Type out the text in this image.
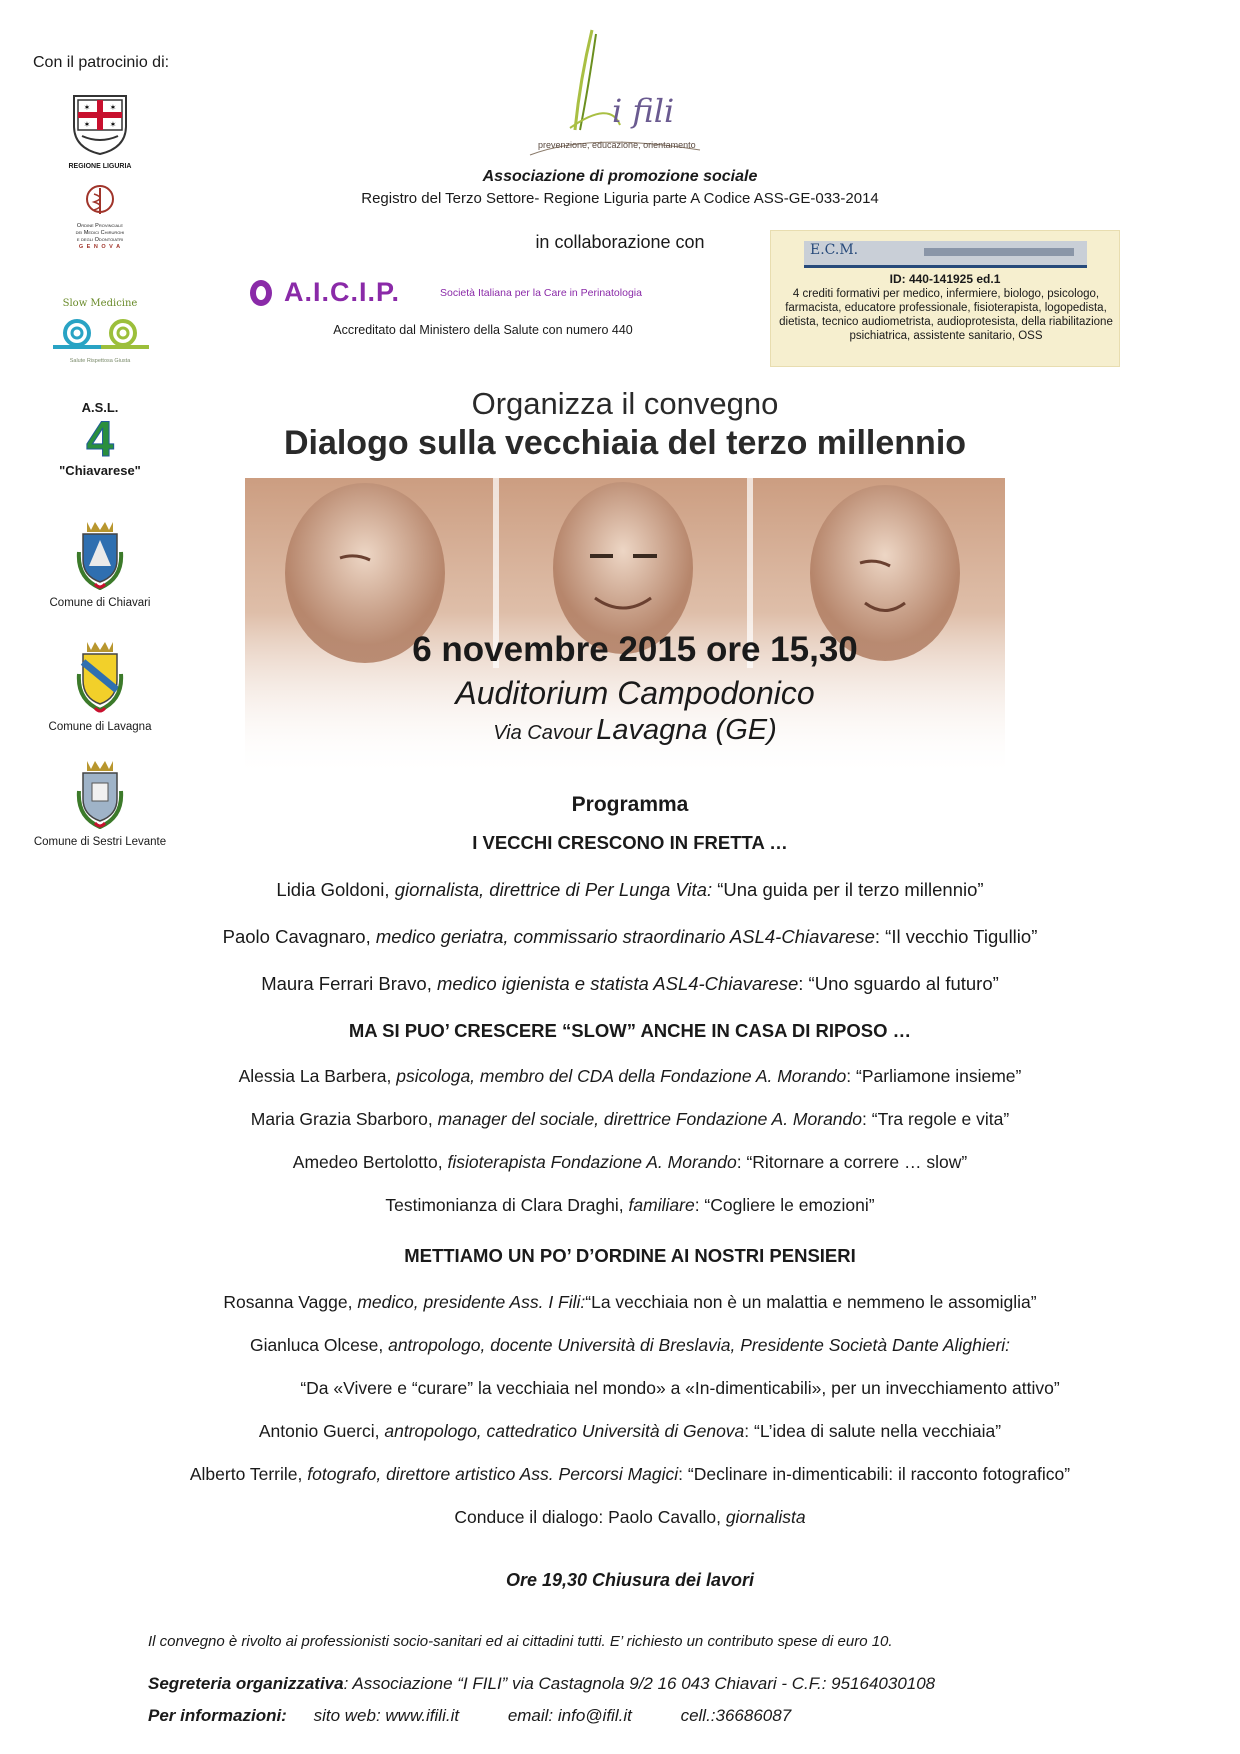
Con il patrocinio di:
✶ ✶
✶ ✶
REGIONE LIGURIA
Ordine Provinciale
dei Medici Chirurghi
e degli Odontoiatri
G E N O V A
Slow Medicine
Salute Rispettosa Giusta
A.S.L.
4
"Chiavarese"
Comune di Chiavari
Comune di Lavagna
Comune di Sestri Levante
i fili
prevenzione, educazione, orientamento
Associazione di promozione sociale
Registro del Terzo Settore- Regione Liguria parte A Codice ASS-GE-033-2014
in collaborazione con
A.I.C.I.P.	Società Italiana per la Care in Perinatologia
Accreditato dal Ministero della Salute con numero 440
E.C.M.
ID: 440-141925 ed.1
4 crediti formativi per medico, infermiere, biologo, psicologo, farmacista, educatore professionale, fisioterapista, logopedista, dietista, tecnico audiometrista, audioprotesista, della riabilitazione psichiatrica, assistente sanitario, OSS
Organizza il convegno
Dialogo sulla vecchiaia del terzo millennio
6 novembre 2015 ore 15,30
Auditorium Campodonico
Via Cavour Lavagna (GE)
Programma
I VECCHI CRESCONO IN FRETTA …
Lidia Goldoni, giornalista, direttrice di Per Lunga Vita: “Una guida per il terzo millennio”
Paolo Cavagnaro, medico geriatra, commissario straordinario ASL4-Chiavarese: “Il vecchio Tigullio”
Maura Ferrari Bravo, medico igienista e statista ASL4-Chiavarese: “Uno sguardo al futuro”
MA SI PUO’ CRESCERE “SLOW” ANCHE IN CASA DI RIPOSO …
Alessia La Barbera, psicologa, membro del CDA della Fondazione A. Morando: “Parliamone insieme”
Maria Grazia Sbarboro, manager del sociale, direttrice Fondazione A. Morando: “Tra regole e vita”
Amedeo Bertolotto, fisioterapista Fondazione A. Morando: “Ritornare a correre … slow”
Testimonianza di Clara Draghi, familiare: “Cogliere le emozioni”
METTIAMO UN PO’ D’ORDINE AI NOSTRI PENSIERI
Rosanna Vagge, medico, presidente Ass. I Fili:“La vecchiaia non è un malattia e nemmeno le assomiglia”
Gianluca Olcese, antropologo, docente Università di Breslavia, Presidente Società Dante Alighieri:
“Da «Vivere e “curare” la vecchiaia nel mondo» a «In-dimenticabili», per un invecchiamento attivo”
Antonio Guerci, antropologo, cattedratico Università di Genova: “L’idea di salute nella vecchiaia”
Alberto Terrile, fotografo, direttore artistico Ass. Percorsi Magici: “Declinare in-dimenticabili: il racconto fotografico”
Conduce il dialogo: Paolo Cavallo, giornalista
Ore 19,30 Chiusura dei lavori
Il convegno è rivolto ai professionisti socio-sanitari ed ai cittadini tutti. E’ richiesto un contributo spese di euro 10.
Segreteria organizzativa: Associazione “I FILI” via Castagnola 9/2 16 043 Chiavari - C.F.: 95164030108
Per informazioni: sito web: www.ifili.it	email: info@ifil.it	cell.:36686087
